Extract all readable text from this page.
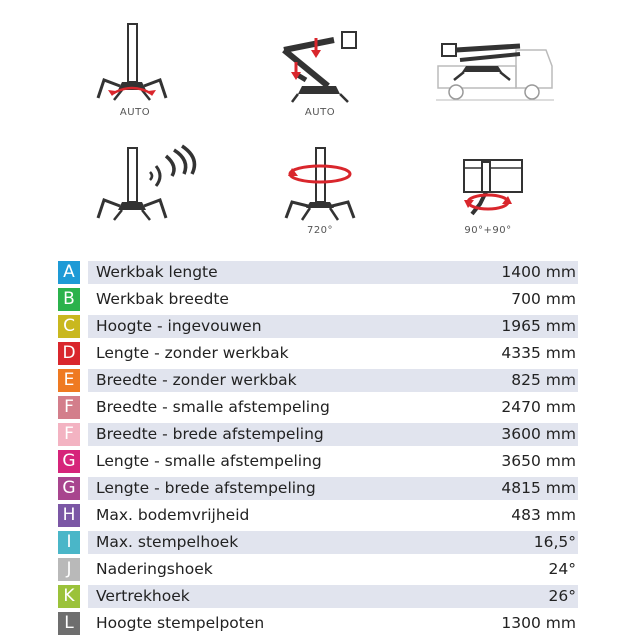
AUTO	AUTO
720°	90°+90°
A	Werkbak lengte	1400 mm
B	Werkbak breedte	700 mm
C	Hoogte - ingevouwen	1965 mm
D Lengte - zonder werkbak	4335 mm
E	Breedte - zonder werkbak	825 mm
F	Breedte - smalle afstempeling	2470 mm
F	Breedte - brede afstempeling	3600 mm
G Lengte - smalle afstempeling	3650 mm
G Lengte - brede afstempeling	4815 mm
H Max. bodemvrijheid	483 mm
I	Max. stempelhoek	16,5°
J	Naderingshoek	24°
K	Vertrekhoek	26°
L	Hoogte stempelpoten	1300 mm
